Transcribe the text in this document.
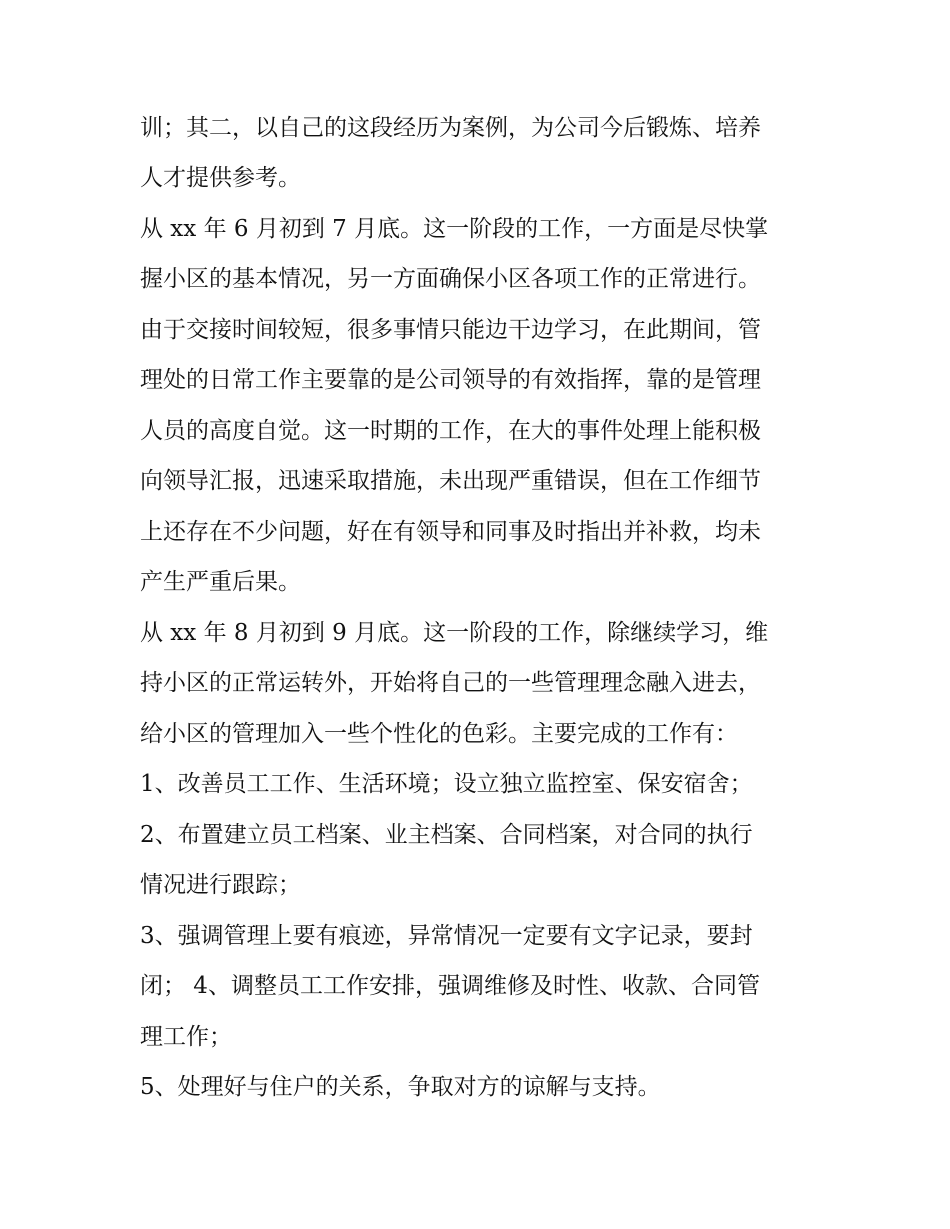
训；其二，以自己的这段经历为案例，为公司今后锻炼、培养

人才提供参考。

从 xx 年 6 月初到 7 月底。这一阶段的工作，一方面是尽快掌

握小区的基本情况，另一方面确保小区各项工作的正常进行。

由于交接时间较短，很多事情只能边干边学习，在此期间，管

理处的日常工作主要靠的是公司领导的有效指挥，靠的是管理

人员的高度自觉。这一时期的工作，在大的事件处理上能积极

向领导汇报，迅速采取措施，未出现严重错误，但在工作细节

上还存在不少问题，好在有领导和同事及时指出并补救，均未

产生严重后果。

从 xx 年 8 月初到 9 月底。这一阶段的工作，除继续学习，维

持小区的正常运转外，开始将自己的一些管理理念融入进去，

给小区的管理加入一些个性化的色彩。主要完成的工作有：

1、改善员工工作、生活环境；设立独立监控室、保安宿舍；

2、布置建立员工档案、业主档案、合同档案，对合同的执行

情况进行跟踪；

3、强调管理上要有痕迹，异常情况一定要有文字记录，要封

闭； 4、调整员工工作安排，强调维修及时性、收款、合同管

理工作；

5、处理好与住户的关系，争取对方的谅解与支持。
